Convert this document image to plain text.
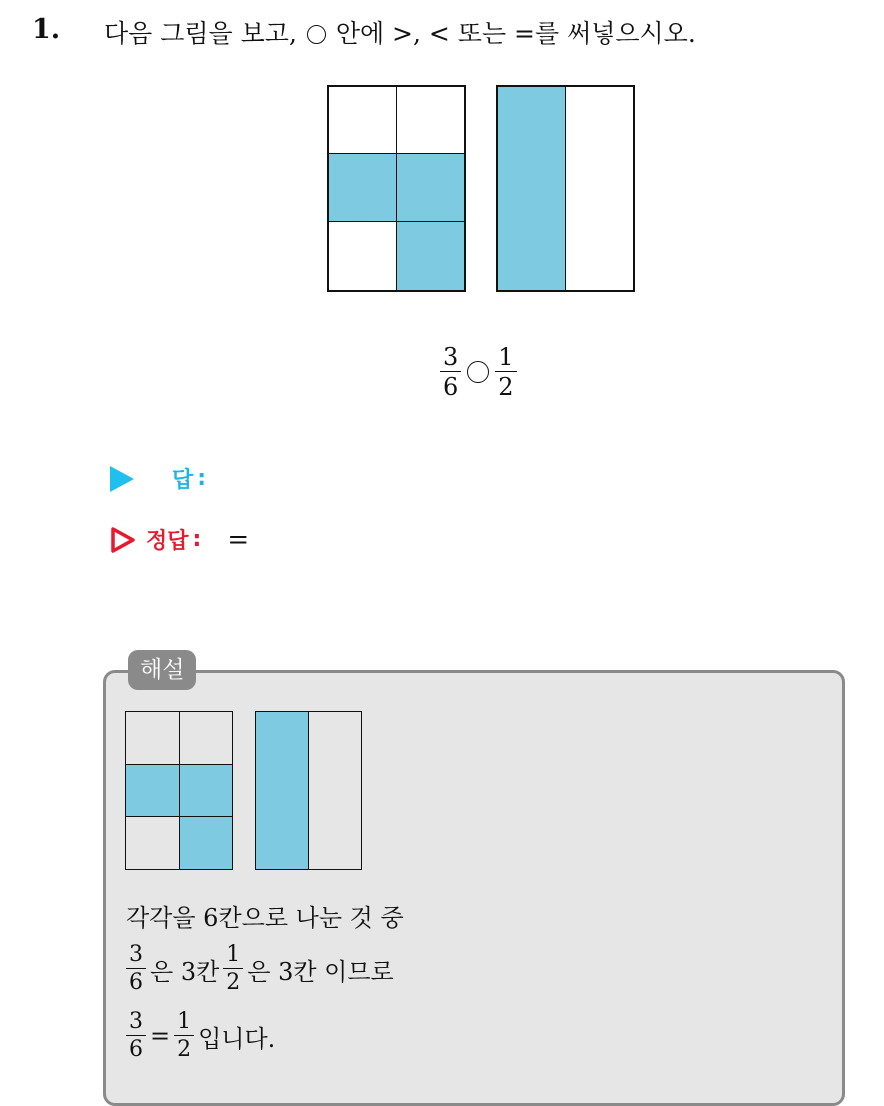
1. 다음 그림을 보고, 안에 >, < 또는 =를 써넣으시오.
$\frac{3}{6} \frac{1}{2}$
답 :
정답 : =
해설
각각을 6칸으로 나눈 것 중
$\frac{3}{6}$ 은 3칸 $\frac{1}{2}$ 은 3칸 이므로
$\frac{3}{6} = \frac{1}{2}$ 입니다.
